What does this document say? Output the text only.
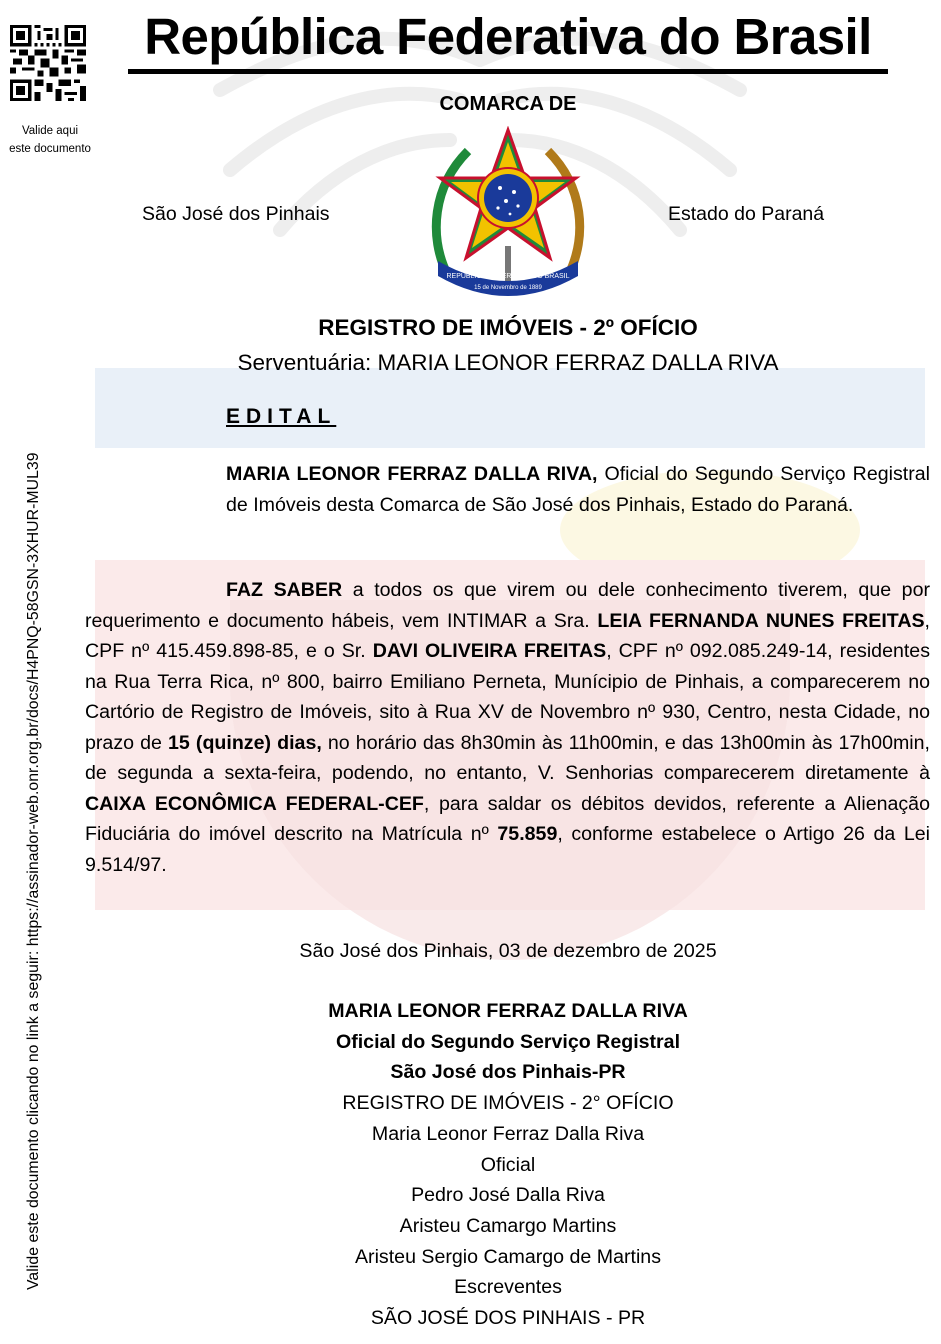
Valide aqui
este documento
Valide este documento clicando no link a seguir: https://assinador-web.onr.org.br/docs/H4PNQ-58GSN-3XHUR-MUL39
República Federativa do Brasil
COMARCA DE
São José dos Pinhais	Estado do Paraná
REPÚBLICA FEDERATIVA DO BRASIL
15 de Novembro de 1889
REGISTRO DE IMÓVEIS - 2º OFÍCIO
Serventuária: MARIA LEONOR FERRAZ DALLA RIVA
EDITAL
MARIA LEONOR FERRAZ DALLA RIVA, Oficial do Segundo Serviço Registral de Imóveis desta Comarca de São José dos Pinhais, Estado do Paraná.
FAZ SABER a todos os que virem ou dele conhecimento tiverem, que por requerimento e documento hábeis, vem INTIMAR a Sra. LEIA FERNANDA NUNES FREITAS, CPF nº 415.459.898-85, e o Sr. DAVI OLIVEIRA FREITAS, CPF nº 092.085.249-14, residentes na Rua Terra Rica, nº 800, bairro Emiliano Perneta, Munícipio de Pinhais, a comparecerem no Cartório de Registro de Imóveis, sito à Rua XV de Novembro nº 930, Centro, nesta Cidade, no prazo de 15 (quinze) dias, no horário das 8h30min às 11h00min, e das 13h00min às 17h00min, de segunda a sexta-feira, podendo, no entanto, V. Senhorias comparecerem diretamente à CAIXA ECONÔMICA FEDERAL-CEF, para saldar os débitos devidos, referente a Alienação Fiduciária do imóvel descrito na Matrícula nº 75.859, conforme estabelece o Artigo 26 da Lei 9.514/97.
São José dos Pinhais, 03 de dezembro de 2025
MARIA LEONOR FERRAZ DALLA RIVA
Oficial do Segundo Serviço Registral
São José dos Pinhais-PR
REGISTRO DE IMÓVEIS - 2° OFÍCIO
Maria Leonor Ferraz Dalla Riva
Oficial
Pedro José Dalla Riva
Aristeu Camargo Martins
Aristeu Sergio Camargo de Martins
Escreventes
SÃO JOSÉ DOS PINHAIS - PR
